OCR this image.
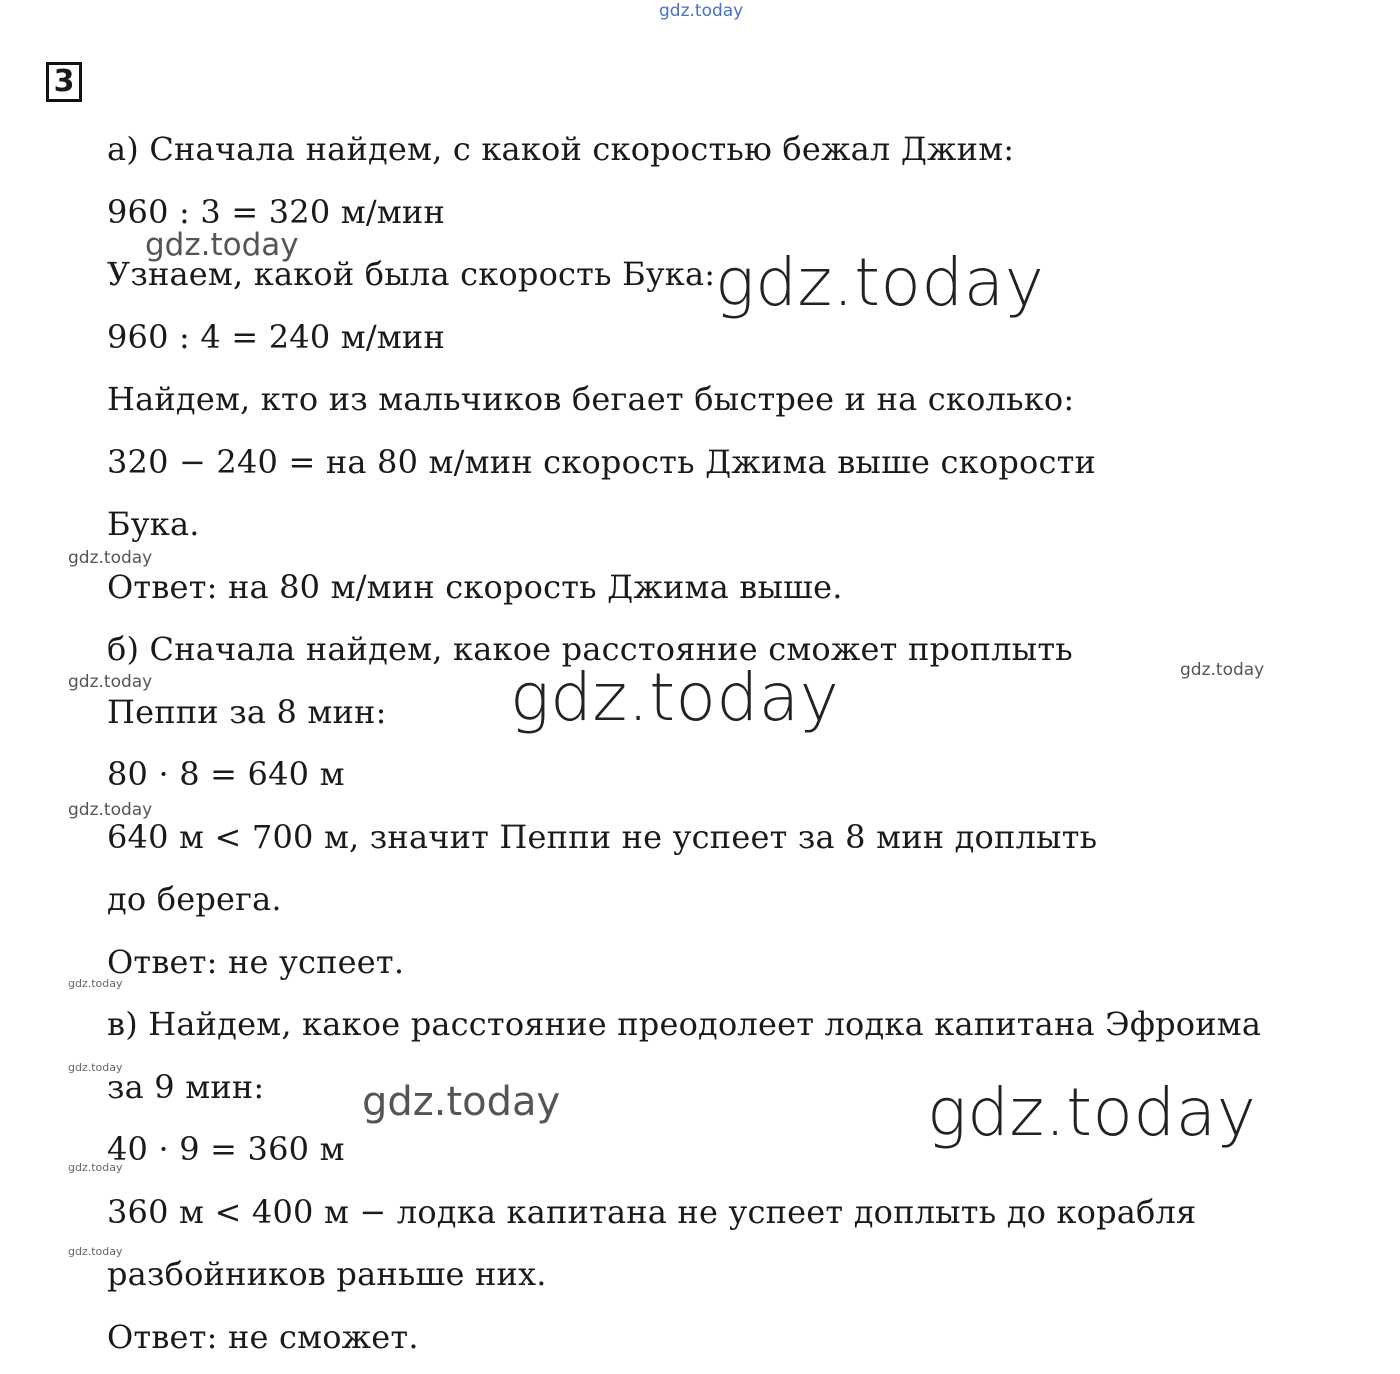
gdz.today
3
а) Сначала найдем, с какой скоростью бежал Джим:
960 : 3 = 320 м/мин
Узнаем, какой была скорость Бука:
960 : 4 = 240 м/мин
Найдем, кто из мальчиков бегает быстрее и на сколько:
320 − 240 = на 80 м/мин скорость Джима выше скорости
Бука.
Ответ: на 80 м/мин скорость Джима выше.
б) Сначала найдем, какое расстояние сможет проплыть
Пеппи за 8 мин:
80 · 8 = 640 м
640 м < 700 м, значит Пеппи не успеет за 8 мин доплыть
до берега.
Ответ: не успеет.
в) Найдем, какое расстояние преодолеет лодка капитана Эфроима
за 9 мин:
40 · 9 = 360 м
360 м < 400 м − лодка капитана не успеет доплыть до корабля
разбойников раньше них.
Ответ: не сможет.
gdz.today	gdz.today
gdz.today
gdz.today	gdz.today
gdz.today
gdz.today
gdz.today
gdz.today
gdz.today	gdz.today
gdz.today
gdz.today
